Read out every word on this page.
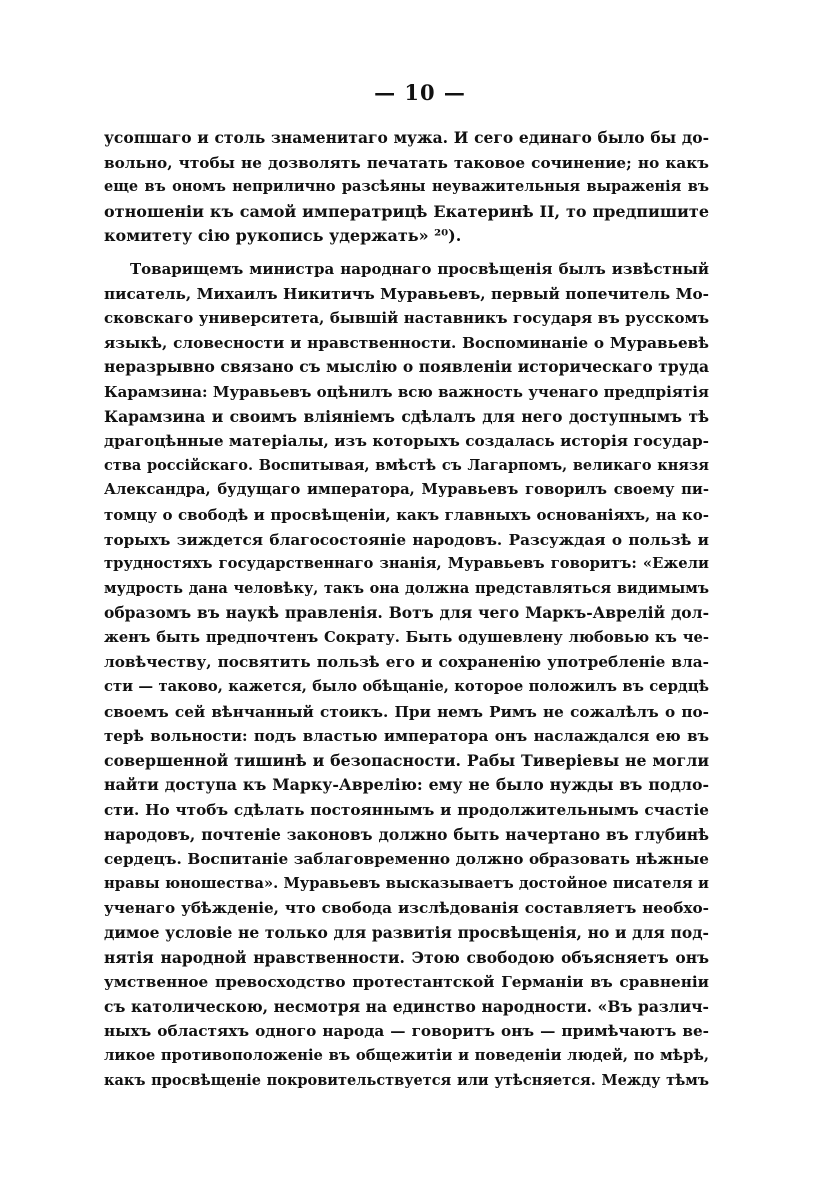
— 10 —
усопшаго и столь знаменитаго мужа. И сего единаго было бы до-
вольно, чтобы не дозволять печатать таковое сочинение; но какъ
еще въ ономъ неприлично разсѣяны неуважительныя выраженія въ
отношеніи къ самой императрицѣ Екатеринѣ II, то предпишите
комитету сію рукопись удержать» ²⁰).
Товарищемъ министра народнаго просвѣщенія былъ извѣстный
писатель, Михаилъ Никитичъ Муравьевъ, первый попечитель Мо-
сковскаго университета, бывшій наставникъ государя въ русскомъ
языкѣ, словесности и нравственности. Воспоминаніе о Муравьевѣ
неразрывно связано съ мыслію о появленіи историческаго труда
Карамзина: Муравьевъ оцѣнилъ всю важность ученаго предпріятія
Карамзина и своимъ вліяніемъ сдѣлалъ для него доступнымъ тѣ
драгоцѣнные матеріалы, изъ которыхъ создалась исторія государ-
ства россійскаго. Воспитывая, вмѣстѣ съ Лагарпомъ, великаго князя
Александра, будущаго императора, Муравьевъ говорилъ своему пи-
томцу о свободѣ и просвѣщеніи, какъ главныхъ основаніяхъ, на ко-
торыхъ зиждется благосостояніе народовъ. Разсуждая о пользѣ и
трудностяхъ государственнаго знанія, Муравьевъ говоритъ: «Ежели
мудрость дана человѣку, такъ она должна представляться видимымъ
образомъ въ наукѣ правленія. Вотъ для чего Маркъ-Аврелій дол-
женъ быть предпочтенъ Сократу. Быть одушевлену любовью къ че-
ловѣчеству, посвятить пользѣ его и сохраненію употребленіе вла-
сти — таково, кажется, было обѣщаніе, которое положилъ въ сердцѣ
своемъ сей вѣнчанный стоикъ. При немъ Римъ не сожалѣлъ о по-
терѣ вольности: подъ властью императора онъ наслаждался ею въ
совершенной тишинѣ и безопасности. Рабы Тиверіевы не могли
найти доступа къ Марку-Аврелію: ему не было нужды въ подло-
сти. Но чтобъ сдѣлать постояннымъ и продолжительнымъ счастіе
народовъ, почтеніе законовъ должно быть начертано въ глубинѣ
сердецъ. Воспитаніе заблаговременно должно образовать нѣжные
нравы юношества». Муравьевъ высказываетъ достойное писателя и
ученаго убѣжденіе, что свобода изслѣдованія составляетъ необхо-
димое условіе не только для развитія просвѣщенія, но и для под-
нятія народной нравственности. Этою свободою объясняетъ онъ
умственное превосходство протестантской Германіи въ сравненіи
съ католическою, несмотря на единство народности. «Въ различ-
ныхъ областяхъ одного народа — говоритъ онъ — примѣчаютъ ве-
ликое противоположеніе въ общежитіи и поведеніи людей, по мѣрѣ,
какъ просвѣщеніе покровительствуется или утѣсняется. Между тѣмъ
